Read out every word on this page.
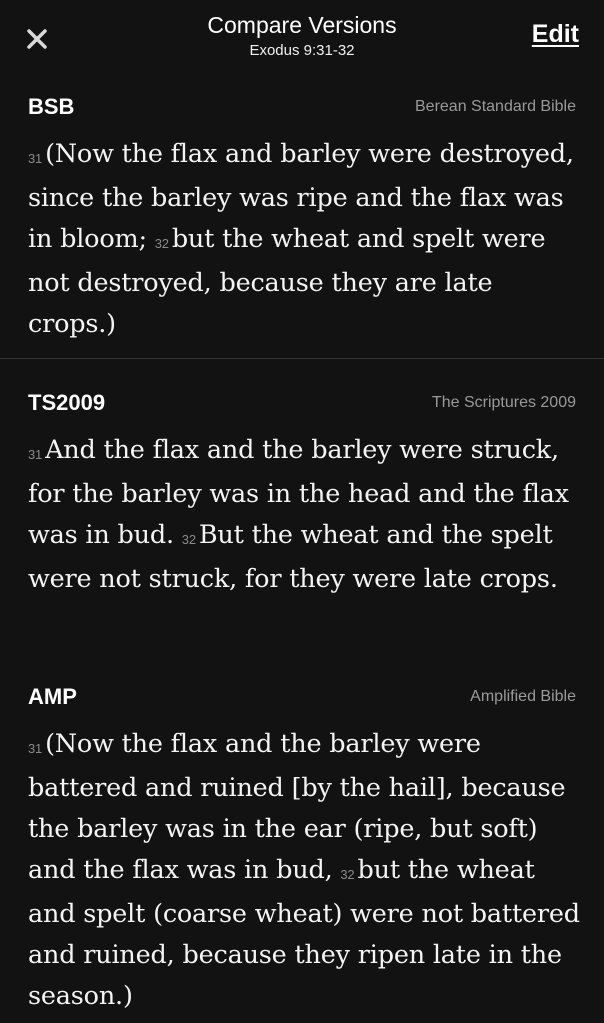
Compare Versions
Exodus 9:31-32
Edit
BSB	Berean Standard Bible
31 (Now the flax and barley were destroyed, since the barley was ripe and the flax was in bloom; 32 but the wheat and spelt were not destroyed, because they are late crops.)
TS2009	The Scriptures 2009
31 And the flax and the barley were struck, for the barley was in the head and the flax was in bud. 32 But the wheat and the spelt were not struck, for they were late crops.
AMP	Amplified Bible
31 (Now the flax and the barley were battered and ruined [by the hail], because the barley was in the ear (ripe, but soft) and the flax was in bud, 32 but the wheat and spelt (coarse wheat) were not battered and ruined, because they ripen late in the season.)
